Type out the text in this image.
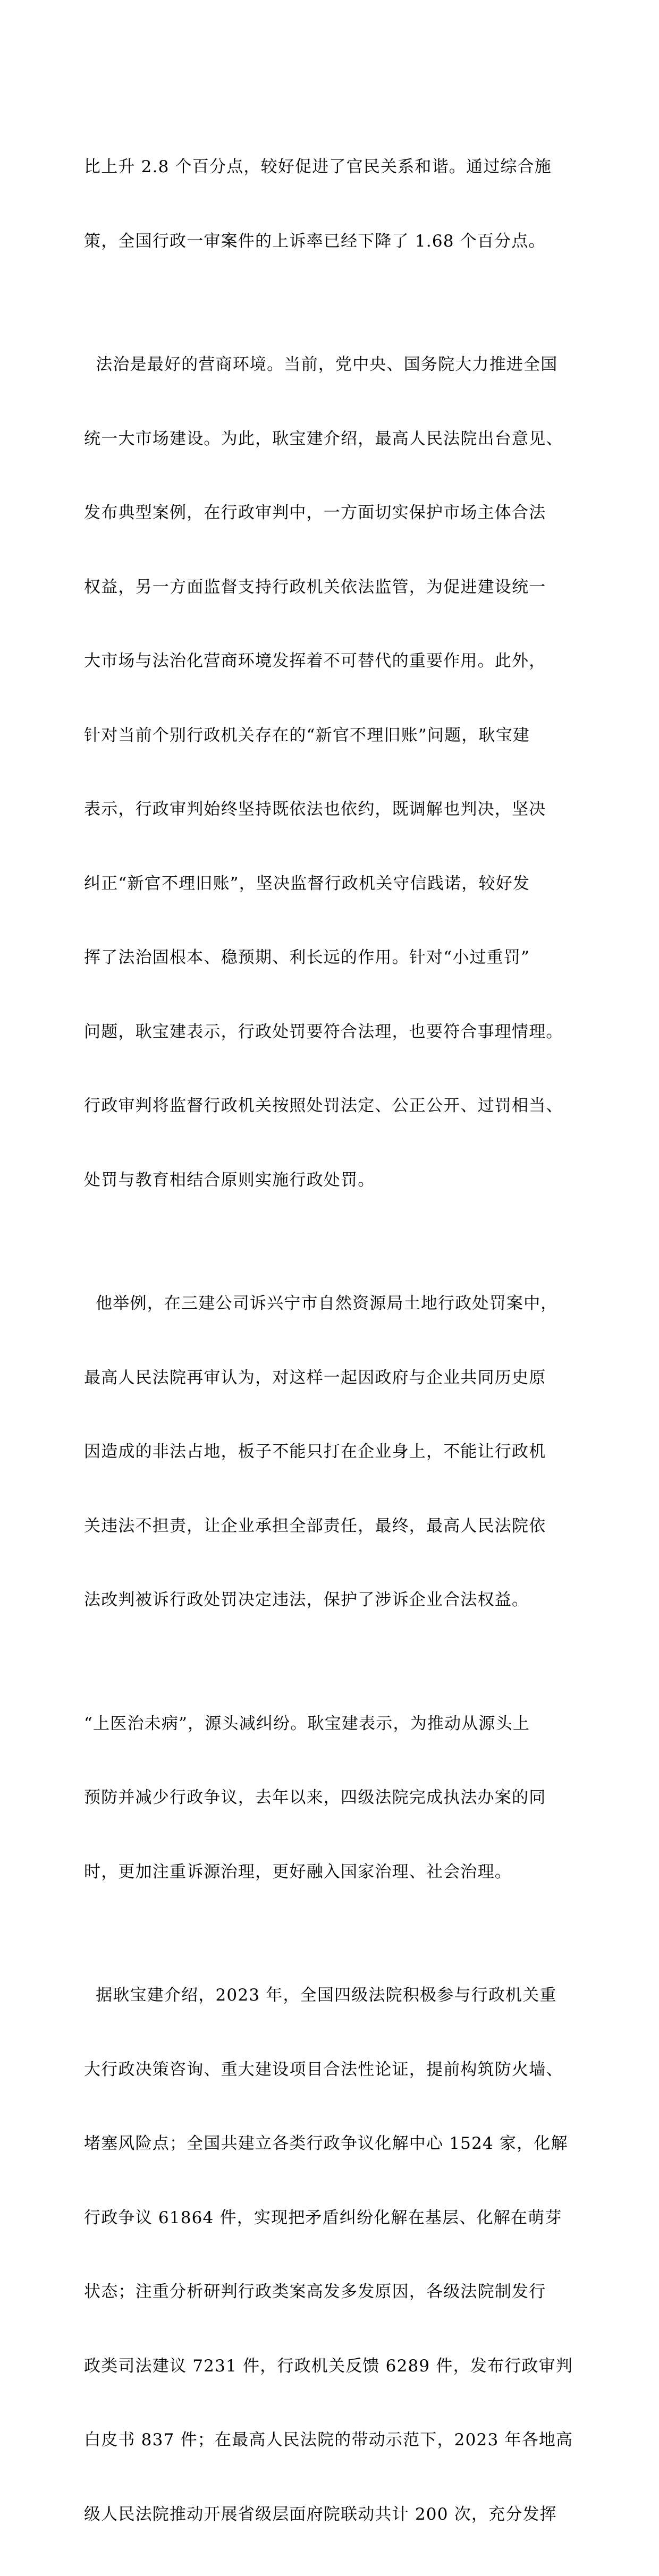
比上升 2.8 个百分点，较好促进了官民关系和谐。通过综合施

策，全国行政一审案件的上诉率已经下降了 1.68 个百分点。

法治是最好的营商环境。当前，党中央、国务院大力推进全国

统一大市场建设。为此，耿宝建介绍，最高人民法院出台意见、

发布典型案例，在行政审判中，一方面切实保护市场主体合法

权益，另一方面监督支持行政机关依法监管，为促进建设统一

大市场与法治化营商环境发挥着不可替代的重要作用。此外，

针对当前个别行政机关存在的“新官不理旧账”问题，耿宝建

表示，行政审判始终坚持既依法也依约，既调解也判决，坚决

纠正“新官不理旧账”，坚决监督行政机关守信践诺，较好发

挥了法治固根本、稳预期、利长远的作用。针对“小过重罚”

问题，耿宝建表示，行政处罚要符合法理，也要符合事理情理。

行政审判将监督行政机关按照处罚法定、公正公开、过罚相当、

处罚与教育相结合原则实施行政处罚。

他举例，在三建公司诉兴宁市自然资源局土地行政处罚案中，

最高人民法院再审认为，对这样一起因政府与企业共同历史原

因造成的非法占地，板子不能只打在企业身上，不能让行政机

关违法不担责，让企业承担全部责任，最终，最高人民法院依

法改判被诉行政处罚决定违法，保护了涉诉企业合法权益。

“上医治未病”，源头减纠纷。耿宝建表示，为推动从源头上

预防并减少行政争议，去年以来，四级法院完成执法办案的同

时，更加注重诉源治理，更好融入国家治理、社会治理。

据耿宝建介绍，2023 年，全国四级法院积极参与行政机关重

大行政决策咨询、重大建设项目合法性论证，提前构筑防火墙、

堵塞风险点；全国共建立各类行政争议化解中心 1524 家，化解

行政争议 61864 件，实现把矛盾纠纷化解在基层、化解在萌芽

状态；注重分析研判行政类案高发多发原因，各级法院制发行

政类司法建议 7231 件，行政机关反馈 6289 件，发布行政审判

白皮书 837 件；在最高人民法院的带动示范下，2023 年各地高

级人民法院推动开展省级层面府院联动共计 200 次，充分发挥
